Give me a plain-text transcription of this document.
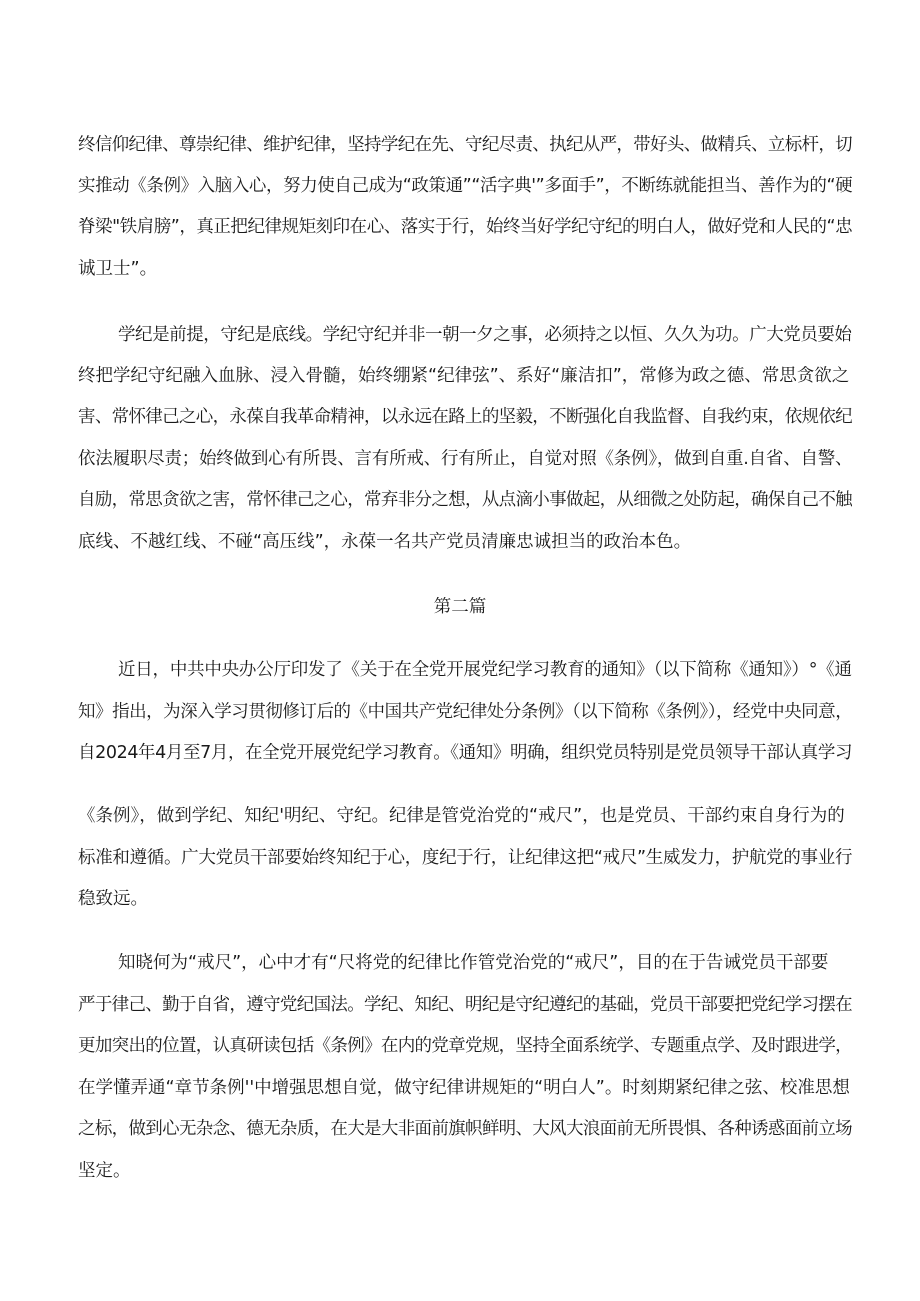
终信仰纪律、尊崇纪律、维护纪律，坚持学纪在先、守纪尽责、执纪从严，带好头、做精兵、立标杆，切
实推动《条例》入脑入心，努力使自己成为“政策通”“活字典'”多面手”，不断练就能担当、善作为的“硬
脊梁"铁肩膀”，真正把纪律规矩刻印在心、落实于行，始终当好学纪守纪的明白人，做好党和人民的“忠
诚卫士”。
学纪是前提，守纪是底线。学纪守纪并非一朝一夕之事，必须持之以恒、久久为功。广大党员要始
终把学纪守纪融入血脉、浸入骨髓，始终绷紧“纪律弦”、系好“廉洁扣”，常修为政之德、常思贪欲之
害、常怀律己之心，永葆自我革命精神，以永远在路上的坚毅，不断强化自我监督、自我约束，依规依纪
依法履职尽责；始终做到心有所畏、言有所戒、行有所止，自觉对照《条例》，做到自重.自省、自警、
自励，常思贪欲之害，常怀律己之心，常弃非分之想，从点滴小事做起，从细微之处防起，确保自己不触
底线、不越红线、不碰“高压线”，永葆一名共产党员清廉忠诚担当的政治本色。
第二篇
近日，中共中央办公厅印发了《关于在全党开展党纪学习教育的通知》（以下简称《通知》）°《通
知》指出，为深入学习贯彻修订后的《中国共产党纪律处分条例》（以下简称《条例》），经党中央同意，
自2024年4月至7月，在全党开展党纪学习教育。《通知》明确，组织党员特别是党员领导干部认真学习
《条例》，做到学纪、知纪'明纪、守纪。纪律是管党治党的“戒尺”，也是党员、干部约束自身行为的
标准和遵循。广大党员干部要始终知纪于心，度纪于行，让纪律这把“戒尺”生威发力，护航党的事业行
稳致远。
知晓何为“戒尺”，心中才有“尺将党的纪律比作管党治党的“戒尺”，目的在于告诫党员干部要
严于律己、勤于自省，遵守党纪国法。学纪、知纪、明纪是守纪遵纪的基础，党员干部要把党纪学习摆在
更加突出的位置，认真研读包括《条例》在内的党章党规，坚持全面系统学、专题重点学、及时跟进学，
在学懂弄通“章节条例''中增强思想自觉，做守纪律讲规矩的“明白人”。时刻期紧纪律之弦、校准思想
之标，做到心无杂念、德无杂质，在大是大非面前旗帜鲜明、大风大浪面前无所畏惧、各种诱惑面前立场
坚定。
